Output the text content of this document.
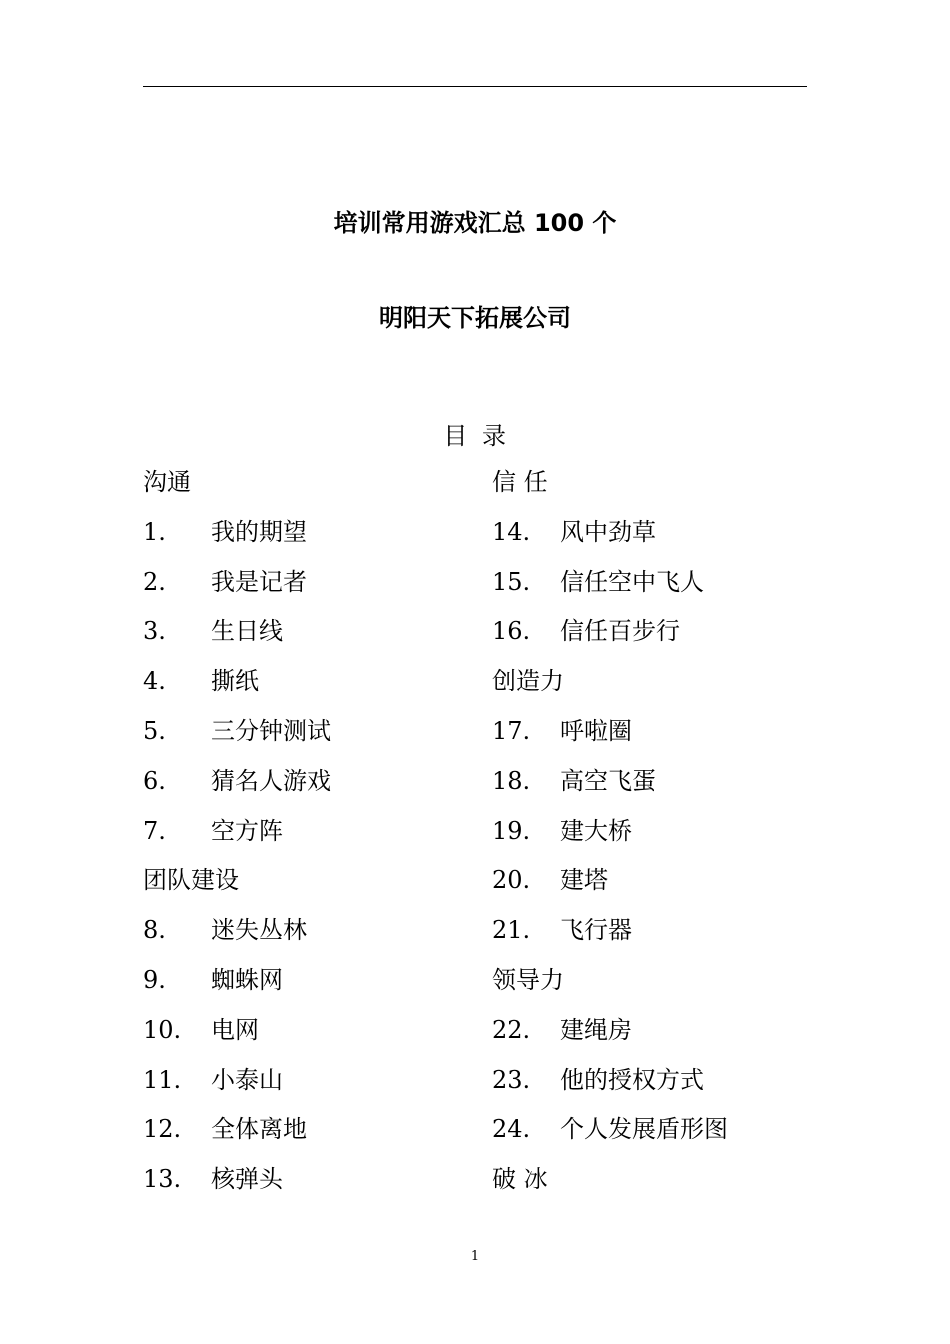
培训常用游戏汇总 100 个
明阳天下拓展公司
目 录
沟通
1. 我的期望
2. 我是记者
3. 生日线
4. 撕纸
5. 三分钟测试
6. 猜名人游戏
7. 空方阵
团队建设
8. 迷失丛林
9. 蜘蛛网
10. 电网
11. 小泰山
12. 全体离地
13. 核弹头
信 任
14. 风中劲草
15. 信任空中飞人
16. 信任百步行
创造力
17. 呼啦圈
18. 高空飞蛋
19. 建大桥
20. 建塔
21. 飞行器
领导力
22. 建绳房
23. 他的授权方式
24. 个人发展盾形图
破 冰
1
